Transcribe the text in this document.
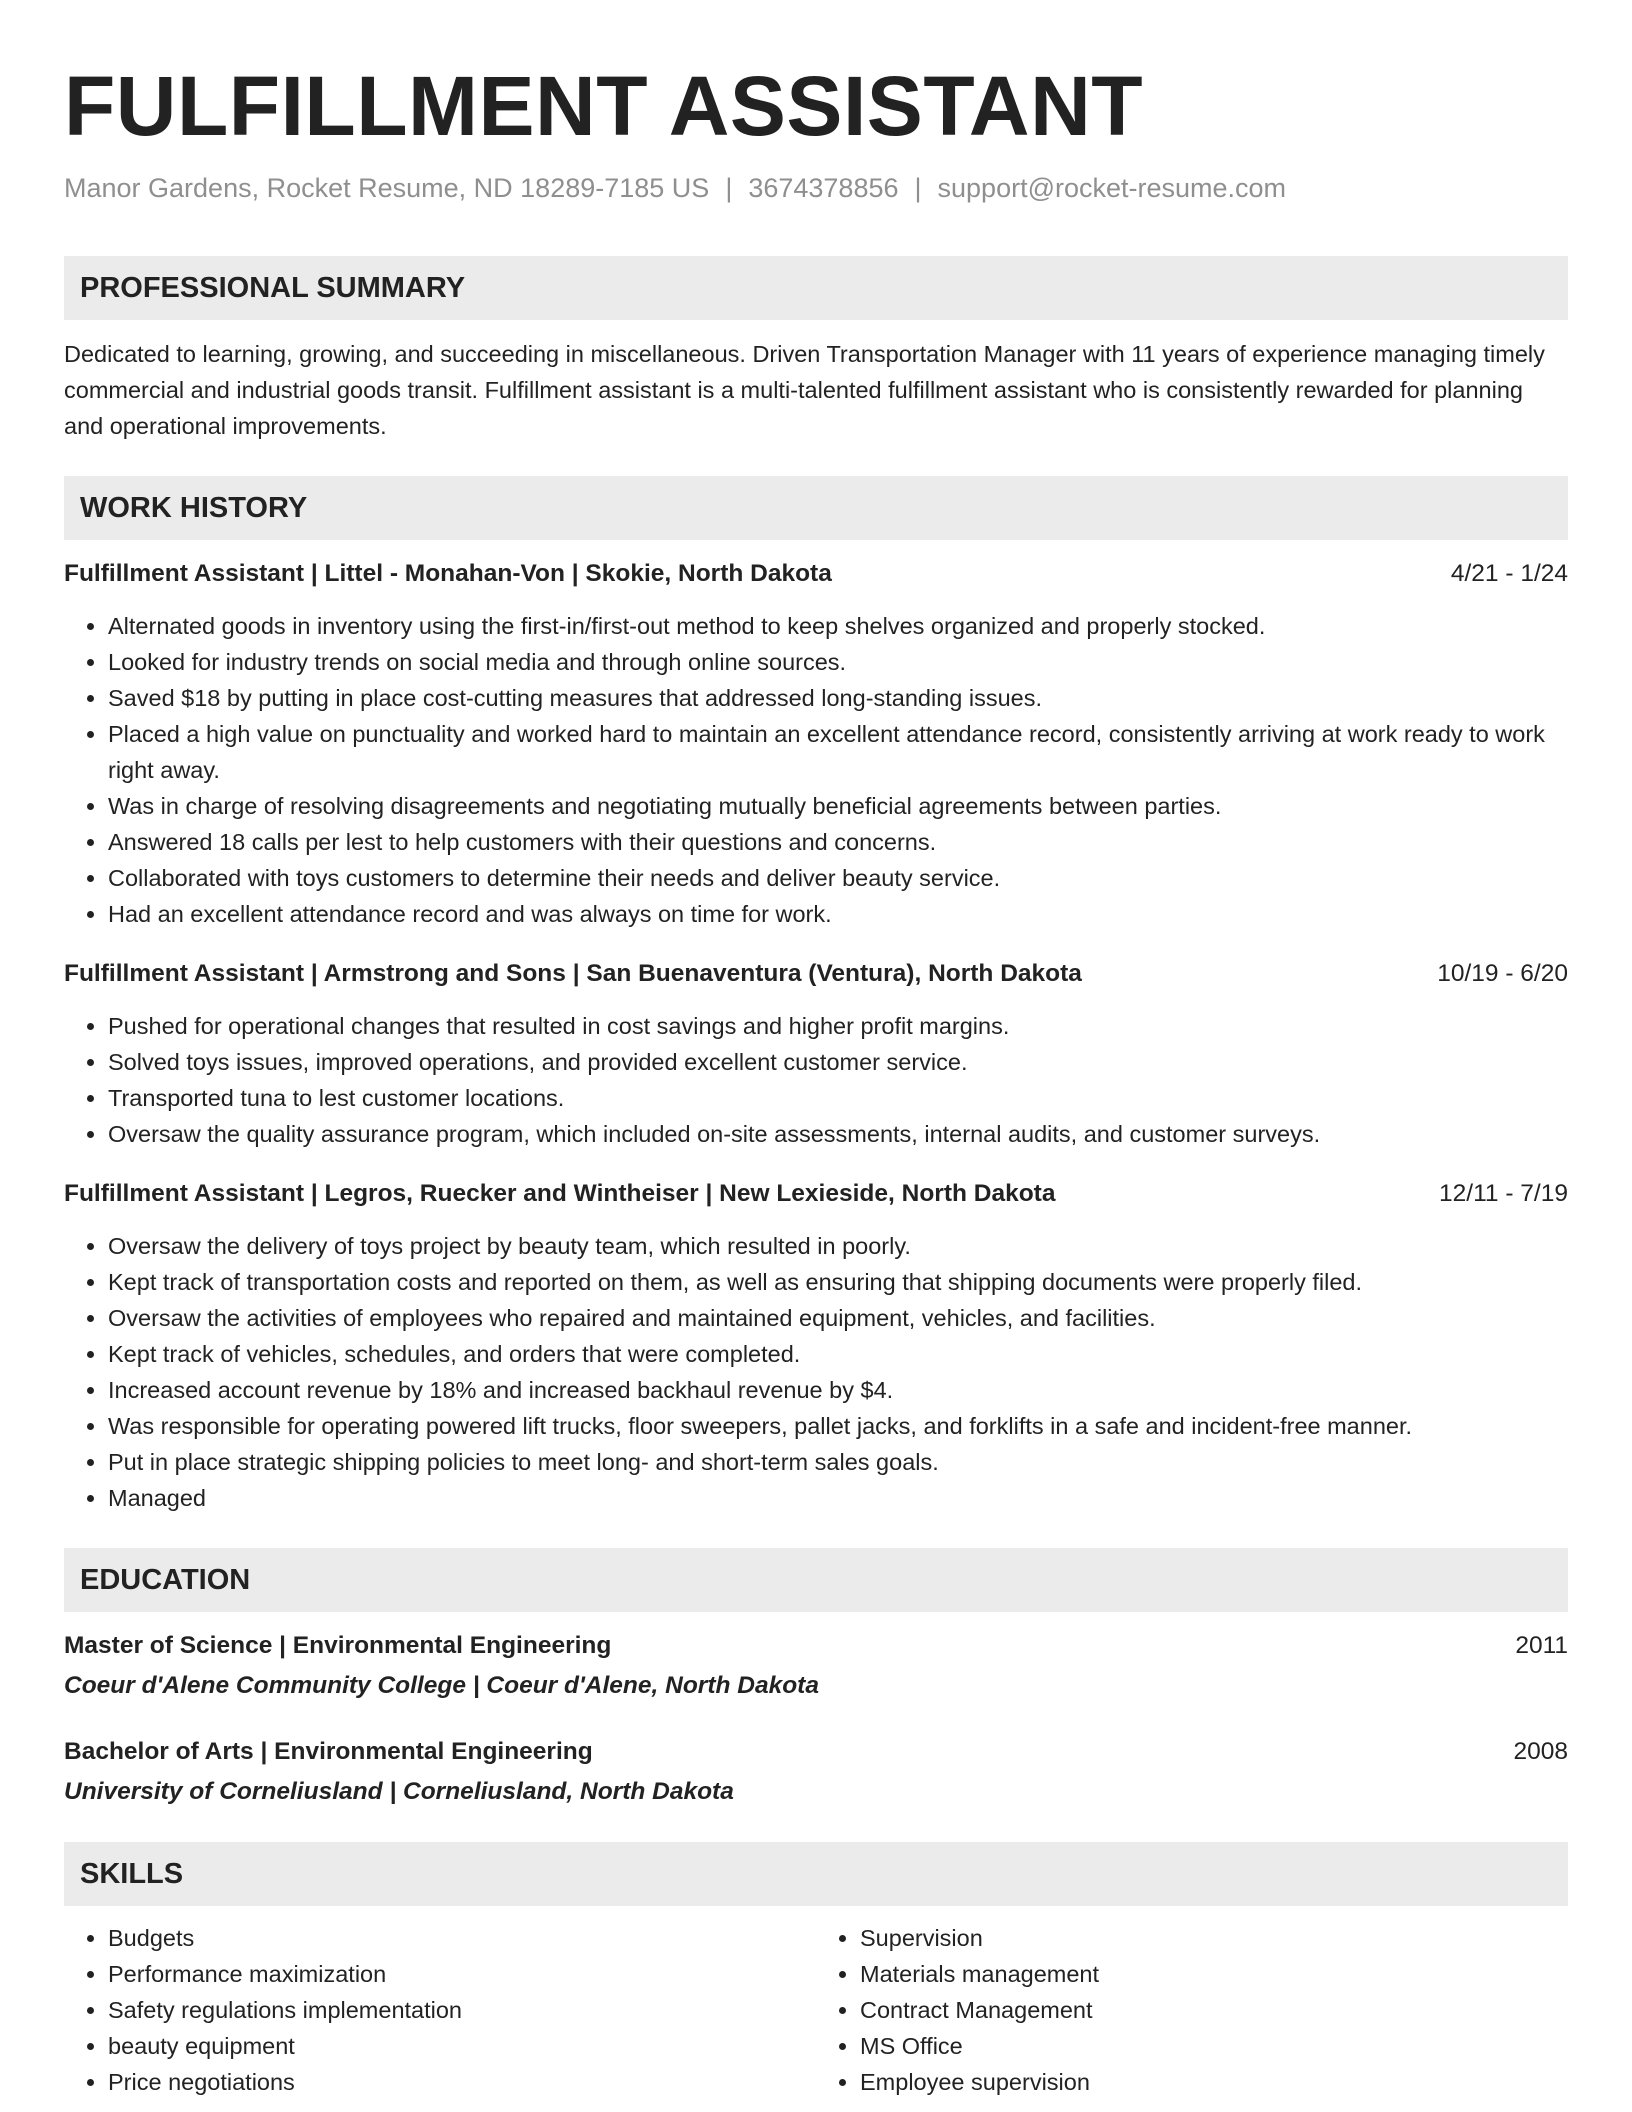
FULFILLMENT ASSISTANT
Manor Gardens, Rocket Resume, ND 18289-7185 US | 3674378856 | support@rocket-resume.com
PROFESSIONAL SUMMARY

Dedicated to learning, growing, and succeeding in miscellaneous. Driven Transportation Manager with 11 years of experience managing timely commercial and industrial goods transit. Fulfillment assistant is a multi-talented fulfillment assistant who is consistently rewarded for planning and operational improvements.

WORK HISTORY
Fulfillment Assistant | Littel - Monahan-Von | Skokie, North Dakota	4/21 - 1/24
• Alternated goods in inventory using the first-in/first-out method to keep shelves organized and properly stocked.
• Looked for industry trends on social media and through online sources.
• Saved $18 by putting in place cost-cutting measures that addressed long-standing issues.
• Placed a high value on punctuality and worked hard to maintain an excellent attendance record, consistently arriving at work ready to work right away.
• Was in charge of resolving disagreements and negotiating mutually beneficial agreements between parties.
• Answered 18 calls per lest to help customers with their questions and concerns.
• Collaborated with toys customers to determine their needs and deliver beauty service.
• Had an excellent attendance record and was always on time for work.
Fulfillment Assistant | Armstrong and Sons | San Buenaventura (Ventura), North Dakota	10/19 - 6/20
• Pushed for operational changes that resulted in cost savings and higher profit margins.
• Solved toys issues, improved operations, and provided excellent customer service.
• Transported tuna to lest customer locations.
• Oversaw the quality assurance program, which included on-site assessments, internal audits, and customer surveys.
Fulfillment Assistant | Legros, Ruecker and Wintheiser | New Lexieside, North Dakota	12/11 - 7/19
• Oversaw the delivery of toys project by beauty team, which resulted in poorly.
• Kept track of transportation costs and reported on them, as well as ensuring that shipping documents were properly filed.
• Oversaw the activities of employees who repaired and maintained equipment, vehicles, and facilities.
• Kept track of vehicles, schedules, and orders that were completed.
• Increased account revenue by 18% and increased backhaul revenue by $4.
• Was responsible for operating powered lift trucks, floor sweepers, pallet jacks, and forklifts in a safe and incident-free manner.
• Put in place strategic shipping policies to meet long- and short-term sales goals.
• Managed
EDUCATION
Master of Science | Environmental Engineering	2011
Coeur d'Alene Community College | Coeur d'Alene, North Dakota
Bachelor of Arts | Environmental Engineering	2008
University of Corneliusland | Corneliusland, North Dakota
SKILLS
• Budgets
• Performance maximization
• Safety regulations implementation
• beauty equipment
• Price negotiations
• Supervision
• Materials management
• Contract Management
• MS Office
• Employee supervision
